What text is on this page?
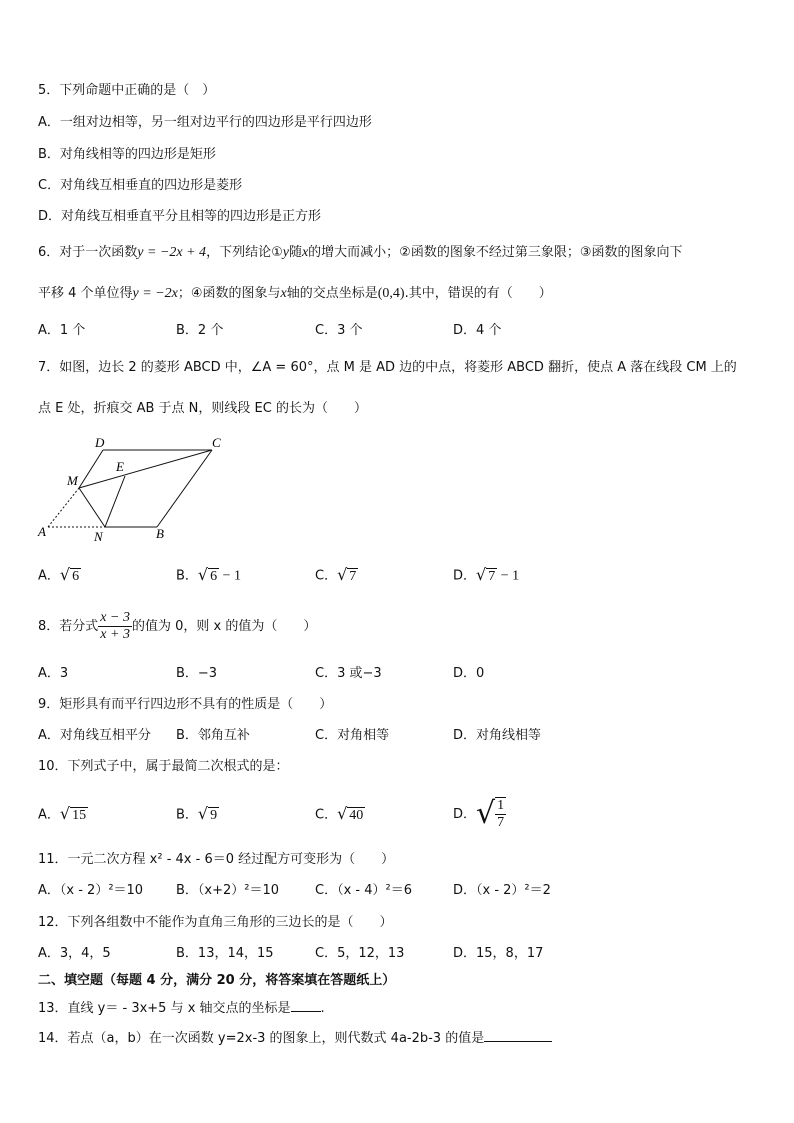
5．下列命题中正确的是（　）
A．一组对边相等，另一组对边平行的四边形是平行四边形
B．对角线相等的四边形是矩形
C．对角线互相垂直的四边形是菱形
D．对角线互相垂直平分且相等的四边形是正方形
6．对于一次函数y = −2x + 4，下列结论①y随x的增大而减小；②函数的图象不经过第三象限；③函数的图象向下
平移 4 个单位得y = −2x；④函数的图象与x轴的交点坐标是(0,4).其中，错误的有（　　）
A．1 个	B．2 个	C．3 个	D．4 个
7．如图，边长 2 的菱形 ABCD 中，∠A = 60°，点 M 是 AD 边的中点，将菱形 ABCD 翻折，使点 A 落在线段 CM 上的
点 E 处，折痕交 AB 于点 N，则线段 EC 的长为（　　）
D	C
E
M
A	N	B
A．√ 6	B．√ 6 − 1	C．√ 7	D．√ 7 − 1
8．若分式 $\frac{x - 3}{x + 3}$ 的值为 0，则 x 的值为（　　）
A．3	B．−3	C．3 或−3	D．0
9．矩形具有而平行四边形不具有的性质是（　　）
A．对角线互相平分 B．邻角互补	C．对角相等	D．对角线相等
10．下列式子中，属于最简二次根式的是：
A．√ 15	B．√ 9	C．√ 40	D．√ $\frac{1}{7}$
11．一元二次方程 x² - 4x - 6＝0 经过配方可变形为（　　）
A．（x - 2）²＝10	B．（x+2）²＝10	C．（x - 4）²＝6	D．（x - 2）²＝2
12．下列各组数中不能作为直角三角形的三边长的是（　　）
A．3，4，5	B．13，14，15	C．5，12，13	D．15，8，17
二、填空题（每题 4 分，满分 20 分，将答案填在答题纸上）
13．直线 y＝ - 3x+5 与 x 轴交点的坐标是 .
14．若点（a，b）在一次函数 y=2x-3 的图象上，则代数式 4a-2b-3 的值是
